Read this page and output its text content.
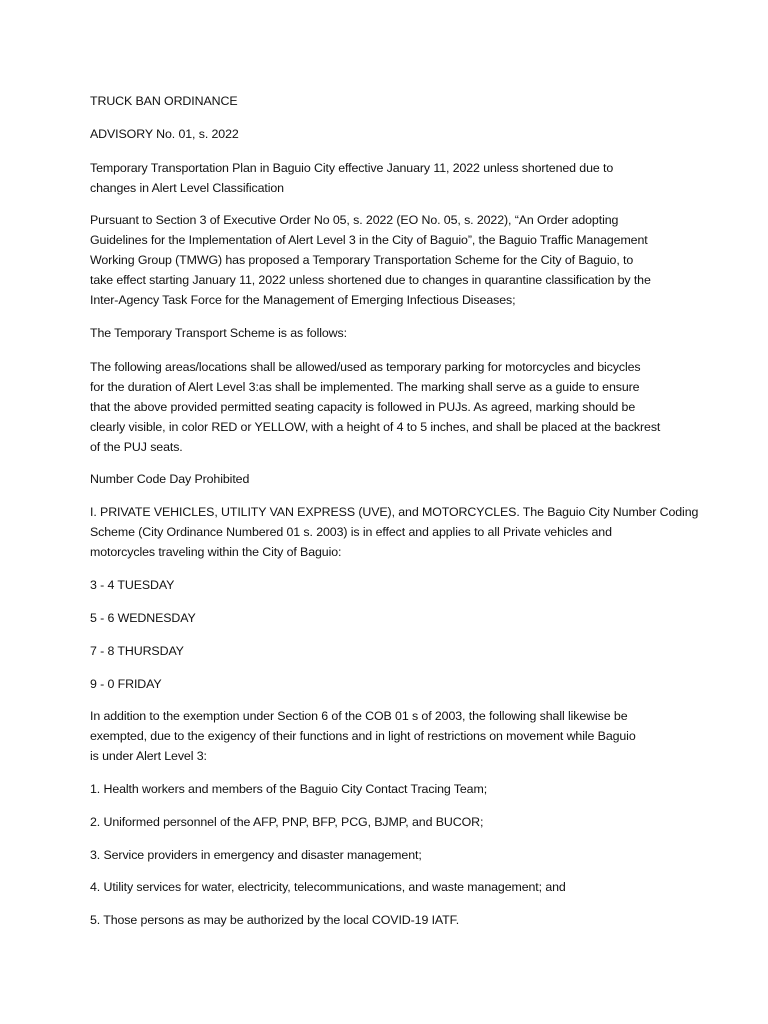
TRUCK BAN ORDINANCE

ADVISORY No. 01, s. 2022

Temporary Transportation Plan in Baguio City effective January 11, 2022 unless shortened due to
changes in Alert Level Classification

Pursuant to Section 3 of Executive Order No 05, s. 2022 (EO No. 05, s. 2022), “An Order adopting
Guidelines for the Implementation of Alert Level 3 in the City of Baguio”, the Baguio Traffic Management
Working Group (TMWG) has proposed a Temporary Transportation Scheme for the City of Baguio, to
take effect starting January 11, 2022 unless shortened due to changes in quarantine classification by the
Inter-Agency Task Force for the Management of Emerging Infectious Diseases;

The Temporary Transport Scheme is as follows:

The following areas/locations shall be allowed/used as temporary parking for motorcycles and bicycles
for the duration of Alert Level 3:as shall be implemented. The marking shall serve as a guide to ensure
that the above provided permitted seating capacity is followed in PUJs. As agreed, marking should be
clearly visible, in color RED or YELLOW, with a height of 4 to 5 inches, and shall be placed at the backrest
of the PUJ seats.

Number Code Day Prohibited

I. PRIVATE VEHICLES, UTILITY VAN EXPRESS (UVE), and MOTORCYCLES. The Baguio City Number Coding
Scheme (City Ordinance Numbered 01 s. 2003) is in effect and applies to all Private vehicles and
motorcycles traveling within the City of Baguio:

3 - 4 TUESDAY

5 - 6 WEDNESDAY

7 - 8 THURSDAY

9 - 0 FRIDAY

In addition to the exemption under Section 6 of the COB 01 s of 2003, the following shall likewise be
exempted, due to the exigency of their functions and in light of restrictions on movement while Baguio
is under Alert Level 3:

1. Health workers and members of the Baguio City Contact Tracing Team;

2. Uniformed personnel of the AFP, PNP, BFP, PCG, BJMP, and BUCOR;

3. Service providers in emergency and disaster management;

4. Utility services for water, electricity, telecommunications, and waste management; and

5. Those persons as may be authorized by the local COVID-19 IATF.
